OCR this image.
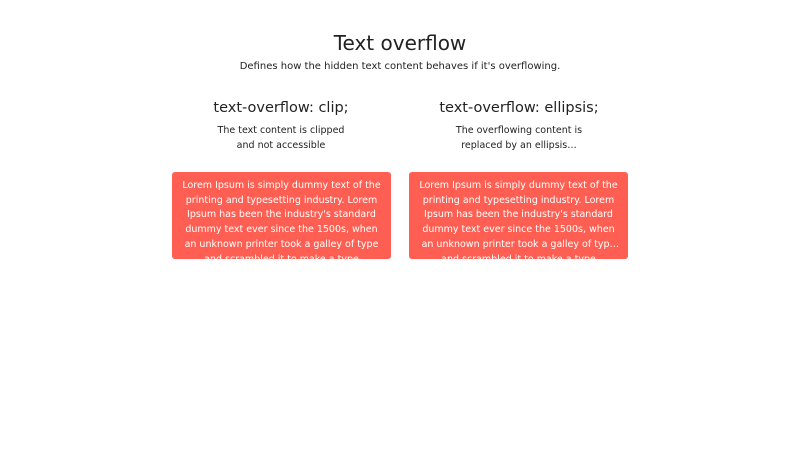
Text overflow

Defines how the hidden text content behaves if it's overflowing.

text-overflow: clip;
The text content is clipped and not accessible
text-overflow: ellipsis;
The overflowing content is replaced by an ellipsis…

Lorem Ipsum is simply dummy text of the printing and typesetting industry. Lorem Ipsum has been the industry's standard dummy text ever since the 1500s, when an unknown printer took a galley of type and scrambled it to make a type specimen book.

Lorem Ipsum is simply dummy text of the printing and typesetting industry. Lorem Ipsum has been the industry's standard dummy text ever since the 1500s, when an unknown printer took a galley of type and scrambled it to make a type specimen book.
